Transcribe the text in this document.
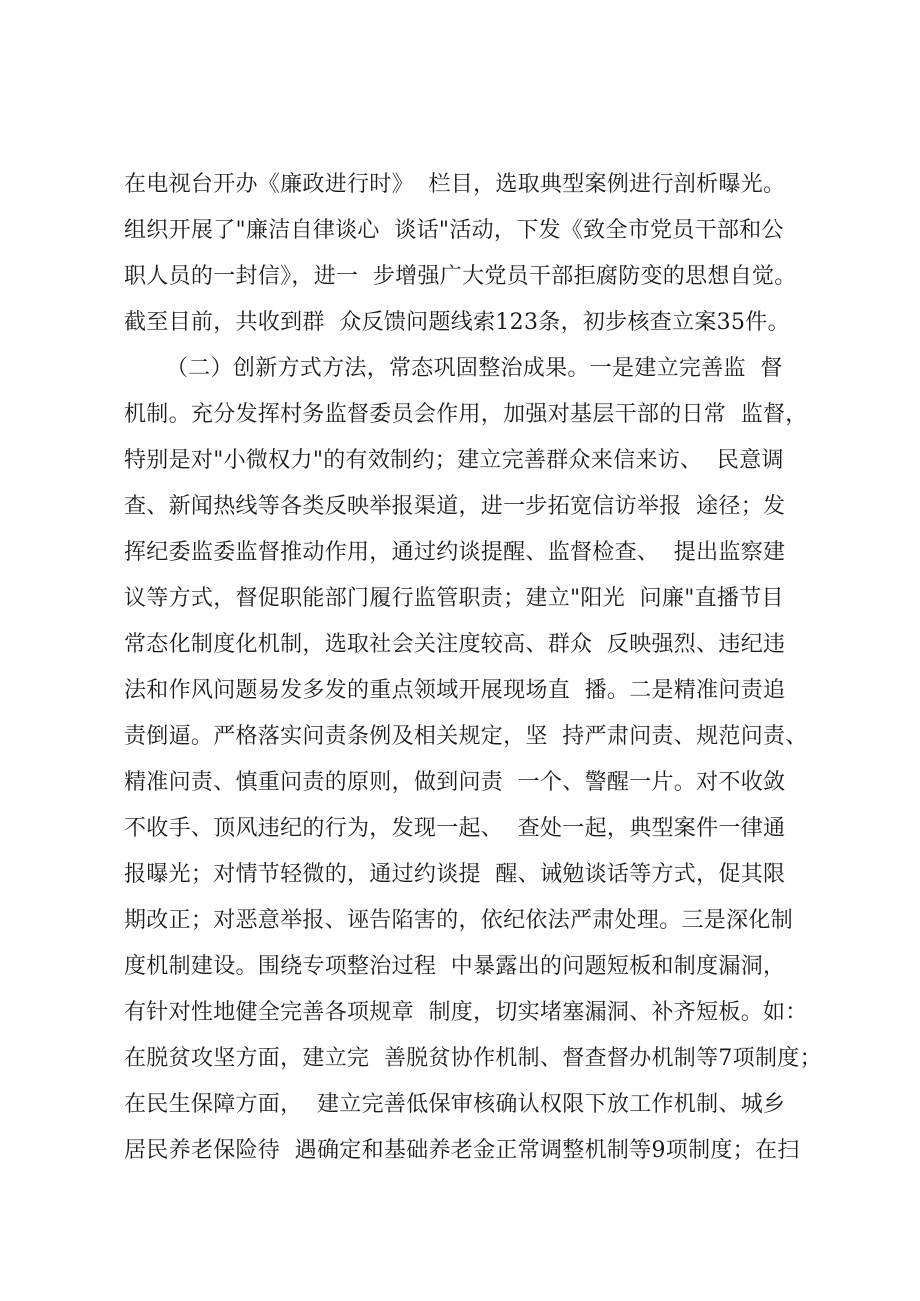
在电视台开办《廉政进行时》  栏目，选取典型案例进行剖析曝光。
组织开展了"廉洁自律谈心  谈话"活动，下发《致全市党员干部和公
职人员的一封信》，进一  步增强广大党员干部拒腐防变的思想自觉。
截至目前，共收到群  众反馈问题线索123条，初步核查立案35件。
（二）创新方式方法，常态巩固整治成果。一是建立完善监  督
机制。充分发挥村务监督委员会作用，加强对基层干部的日常  监督，
特别是对"小微权力"的有效制约；建立完善群众来信来访、  民意调
查、新闻热线等各类反映举报渠道，进一步拓宽信访举报  途径；发
挥纪委监委监督推动作用，通过约谈提醒、监督检查、  提出监察建
议等方式，督促职能部门履行监管职责；建立"阳光  问廉"直播节目
常态化制度化机制，选取社会关注度较高、群众  反映强烈、违纪违
法和作风问题易发多发的重点领域开展现场直  播。二是精准问责追
责倒逼。严格落实问责条例及相关规定，坚  持严肃问责、规范问责、
精准问责、慎重问责的原则，做到问责  一个、警醒一片。对不收敛
不收手、顶风违纪的行为，发现一起、  查处一起，典型案件一律通
报曝光；对情节轻微的，通过约谈提  醒、诫勉谈话等方式，促其限
期改正；对恶意举报、诬告陷害的，依纪依法严肃处理。三是深化制
度机制建设。围绕专项整治过程  中暴露出的问题短板和制度漏洞，
有针对性地健全完善各项规章  制度，切实堵塞漏洞、补齐短板。如：
在脱贫攻坚方面，建立完  善脱贫协作机制、督查督办机制等7项制度；
在民生保障方面，  建立完善低保审核确认权限下放工作机制、城乡
居民养老保险待  遇确定和基础养老金正常调整机制等9项制度；在扫
